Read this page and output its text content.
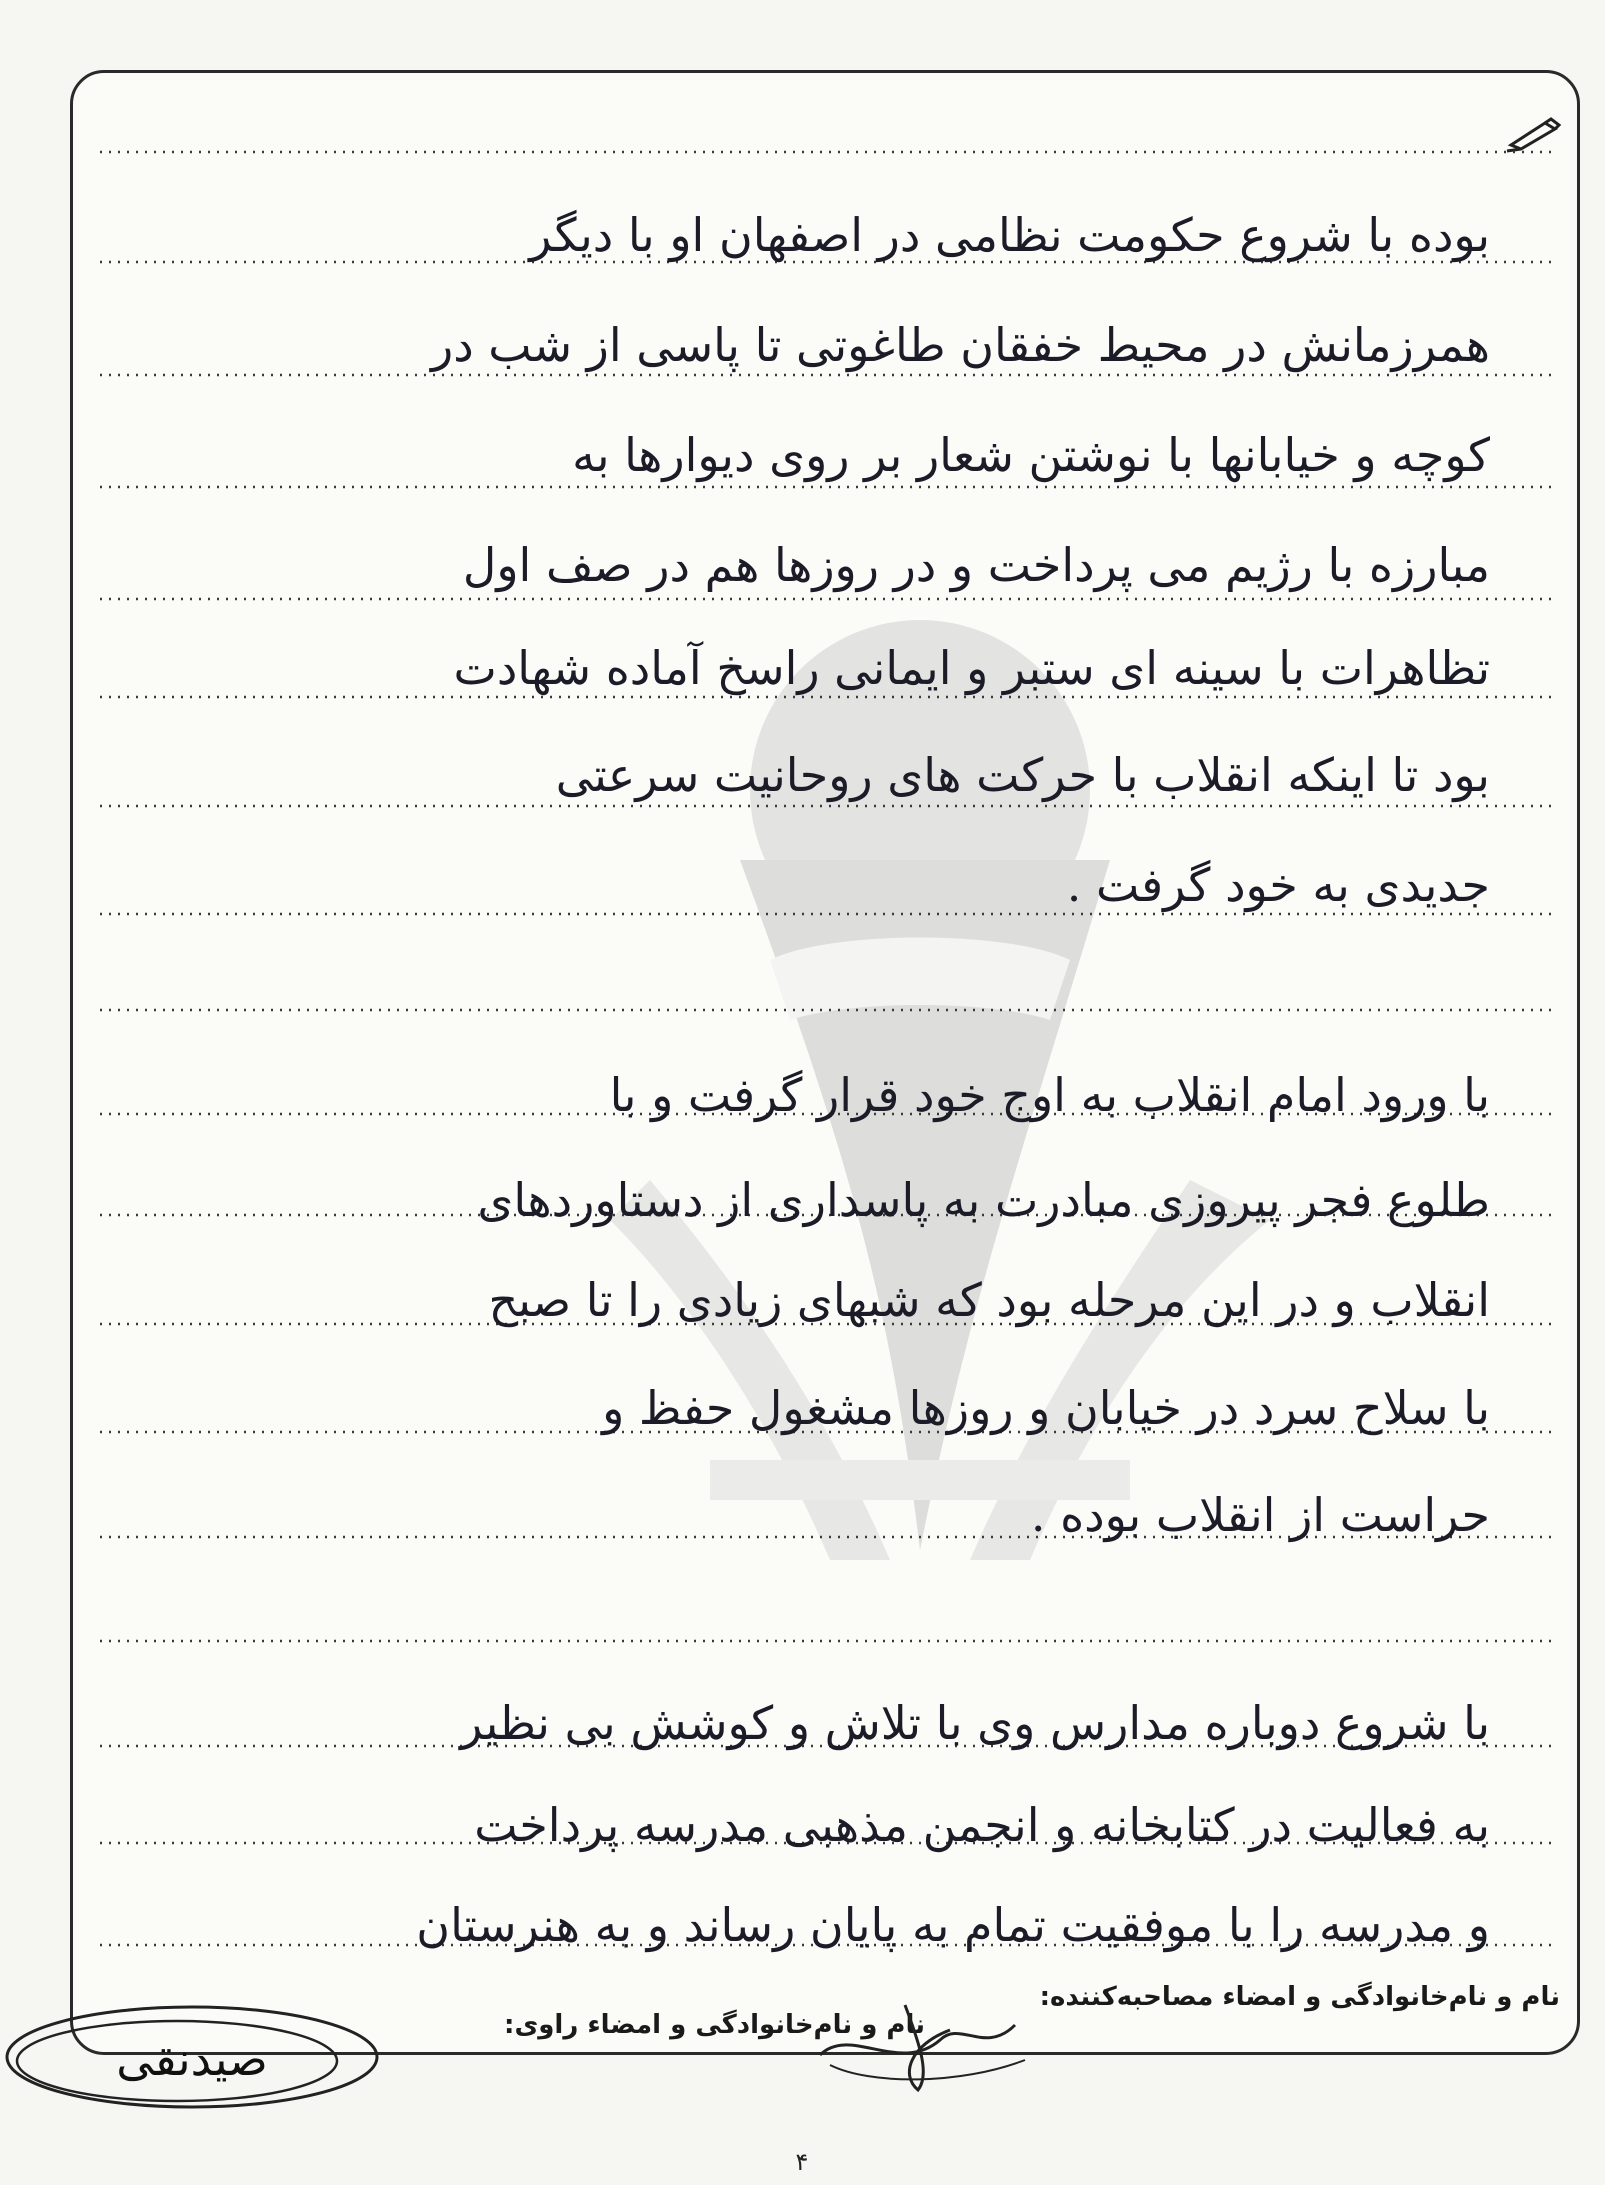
بوده با شروع حکومت نظامی در اصفهان او با دیگر
همرزمانش در محیط خفقان طاغوتی تا پاسی از شب در
کوچه و خیابانها با نوشتن شعار بر روی دیوارها به
مبارزه با رژیم می پرداخت و در روزها هم در صف اول
تظاهرات با سینه ای ستبر و ایمانی راسخ آماده شهادت
بود تا اینکه انقلاب با حرکت های روحانیت سرعتی
جدیدی به خود گرفت .
با ورود امام انقلاب به اوج خود قرار گرفت و با
طلوع فجر پیروزی مبادرت به پاسداری از دستاوردهای
انقلاب و در این مرحله بود که شبهای زیادی را تا صبح
با سلاح سرد در خیابان و روزها مشغول حفظ و
حراست از انقلاب بوده .
با شروع دوباره مدارس وی با تلاش و کوشش بی نظیر
به فعالیت در کتابخانه و انجمن مذهبی مدرسه پرداخت
و مدرسه را با موفقیت تمام به پایان رساند و به هنرستان
نام و نام‌خانوادگی و امضاء مصاحبه‌کننده:
نام و نام‌خانوادگی و امضاء راوی:
صیدنقی
۴
